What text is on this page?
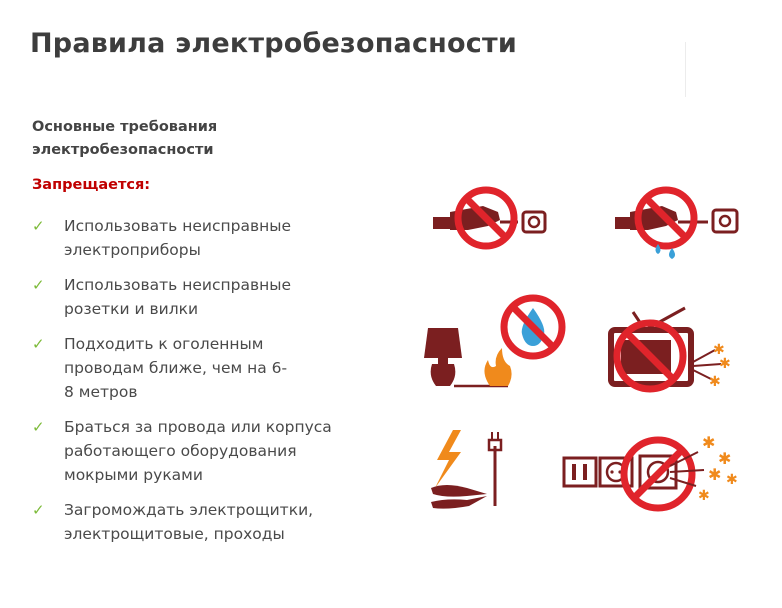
Правила электробезопасности
Основные требования электробезопасности
Запрещается:
✓ Использовать неисправные электроприборы
✓ Использовать неисправные розетки и вилки
✓ Подходить к оголенным проводам ближе, чем на 6-8 метров
✓ Браться за провода или корпуса работающего оборудования мокрыми руками
✓ Загромождать электрощитки, электрощитовые, проходы
✱
✱
✱
✱
✱
✱ ✱
✱
